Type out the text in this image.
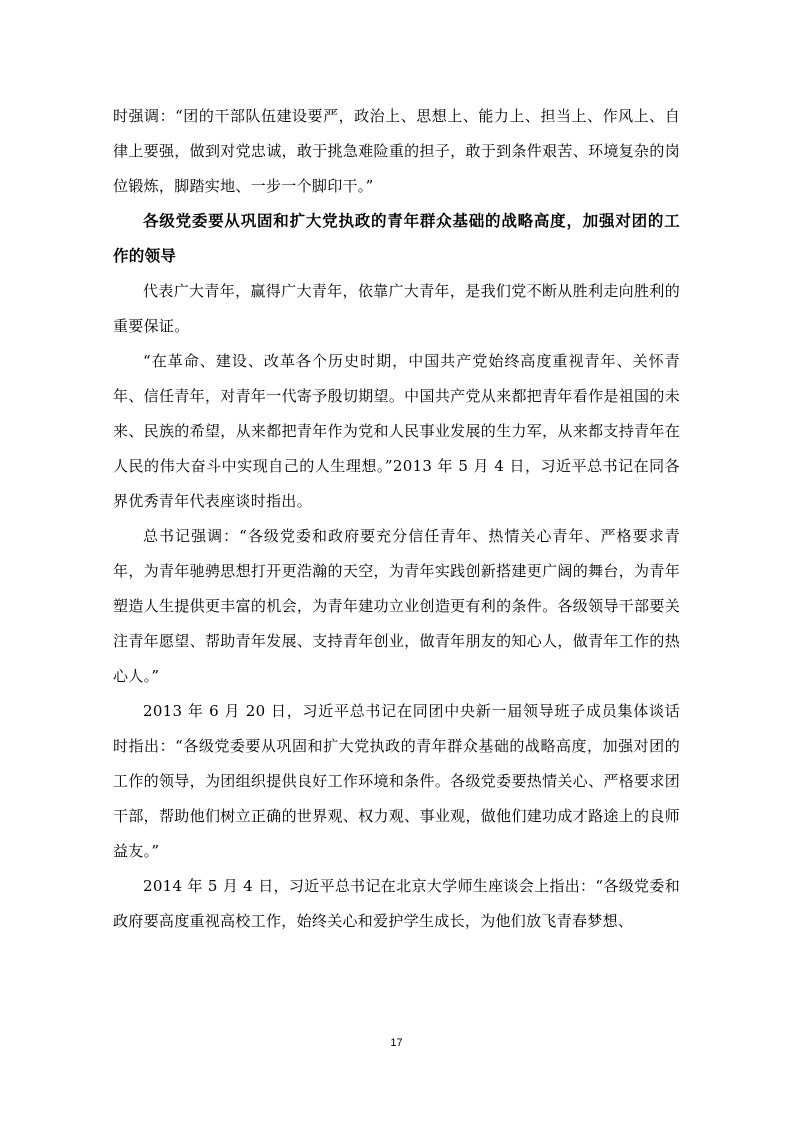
时强调：“团的干部队伍建设要严，政治上、思想上、能力上、担当上、作风上、自律上要强，做到对党忠诚，敢于挑急难险重的担子，敢于到条件艰苦、环境复杂的岗位锻炼，脚踏实地、一步一个脚印干。”

各级党委要从巩固和扩大党执政的青年群众基础的战略高度，加强对团的工作的领导

代表广大青年，赢得广大青年，依靠广大青年，是我们党不断从胜利走向胜利的重要保证。

“在革命、建设、改革各个历史时期，中国共产党始终高度重视青年、关怀青年、信任青年，对青年一代寄予殷切期望。中国共产党从来都把青年看作是祖国的未来、民族的希望，从来都把青年作为党和人民事业发展的生力军，从来都支持青年在人民的伟大奋斗中实现自己的人生理想。”2013 年 5 月 4 日，习近平总书记在同各界优秀青年代表座谈时指出。

总书记强调：“各级党委和政府要充分信任青年、热情关心青年、严格要求青年，为青年驰骋思想打开更浩瀚的天空，为青年实践创新搭建更广阔的舞台，为青年塑造人生提供更丰富的机会，为青年建功立业创造更有利的条件。各级领导干部要关注青年愿望、帮助青年发展、支持青年创业，做青年朋友的知心人，做青年工作的热心人。”

2013 年 6 月 20 日，习近平总书记在同团中央新一届领导班子成员集体谈话时指出：“各级党委要从巩固和扩大党执政的青年群众基础的战略高度，加强对团的工作的领导，为团组织提供良好工作环境和条件。各级党委要热情关心、严格要求团干部，帮助他们树立正确的世界观、权力观、事业观，做他们建功成才路途上的良师益友。”

2014 年 5 月 4 日，习近平总书记在北京大学师生座谈会上指出：“各级党委和政府要高度重视高校工作，始终关心和爱护学生成长，为他们放飞青春梦想、

17
